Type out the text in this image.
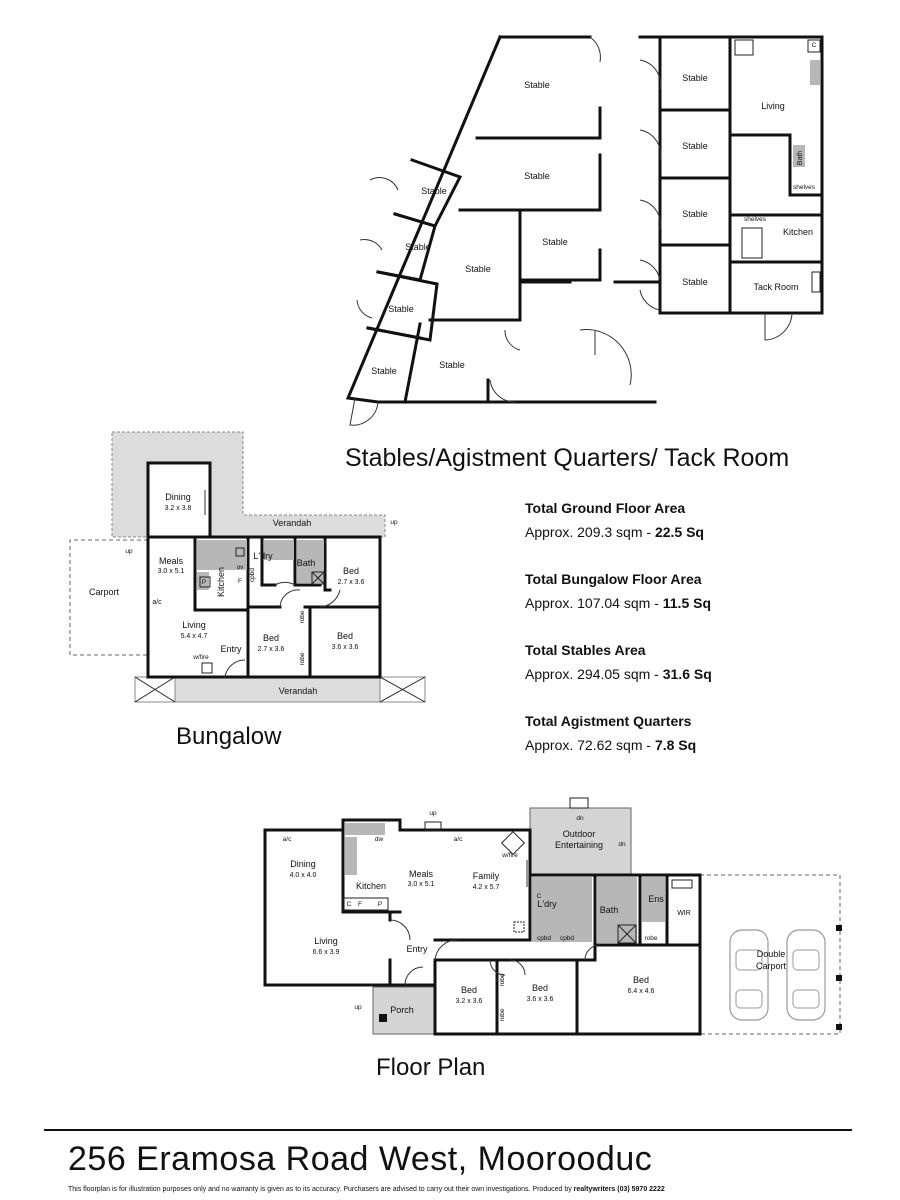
Stable
Stable
Stable
Stable	Stable
Stable
Stable
Stable
Stable
Stable
Stable
Stable
Stable
Living
Bath
shelves
shelves
Kitchen
Tack Room
C
Dining
3.2 x 3.8
Verandah
Meals
3.0 x 5.1	Kitchen
L'dry
Bath
Bed
2.7 x 3.6
Carport
a/c
Living
5.4 x 4.7	Bed
2.7 x 3.6
Bed
3.6 x 3.6
Entry
w/fire
robe
robe
cpbd
up
up
P	F
ov
Verandah
a/c	a/c
dw
up
up
dn
dn
Outdoor
Entertaining
Dining
4.0 x 4.0	Meals
3.0 x 5.1
Family
4.2 x 5.7
w/fire
Kitchen
L'dry
Bath
Ens
WIR
Living
6.6 x 3.9	Entry
cpbd cpbd	robe
robe
robe
Double
Carport
Porch
Bed
3.2 x 3.6
Bed
3.6 x 3.6
Bed
6.4 x 4.6
C
C F P
Stables/Agistment Quarters/ Tack Room
Bungalow
Floor Plan
Total Ground Floor Area
Approx. 209.3 sqm - 22.5 Sq
Total Bungalow Floor Area
Approx. 107.04 sqm - 11.5 Sq
Total Stables Area
Approx. 294.05 sqm - 31.6 Sq
Total Agistment Quarters
Approx. 72.62 sqm - 7.8 Sq
256 Eramosa Road West, Moorooduc
This floorplan is for illustration purposes only and no warranty is given as to its accuracy. Purchasers are advised to carry out their own investigations. Produced by realtywriters (03) 5970 2222
